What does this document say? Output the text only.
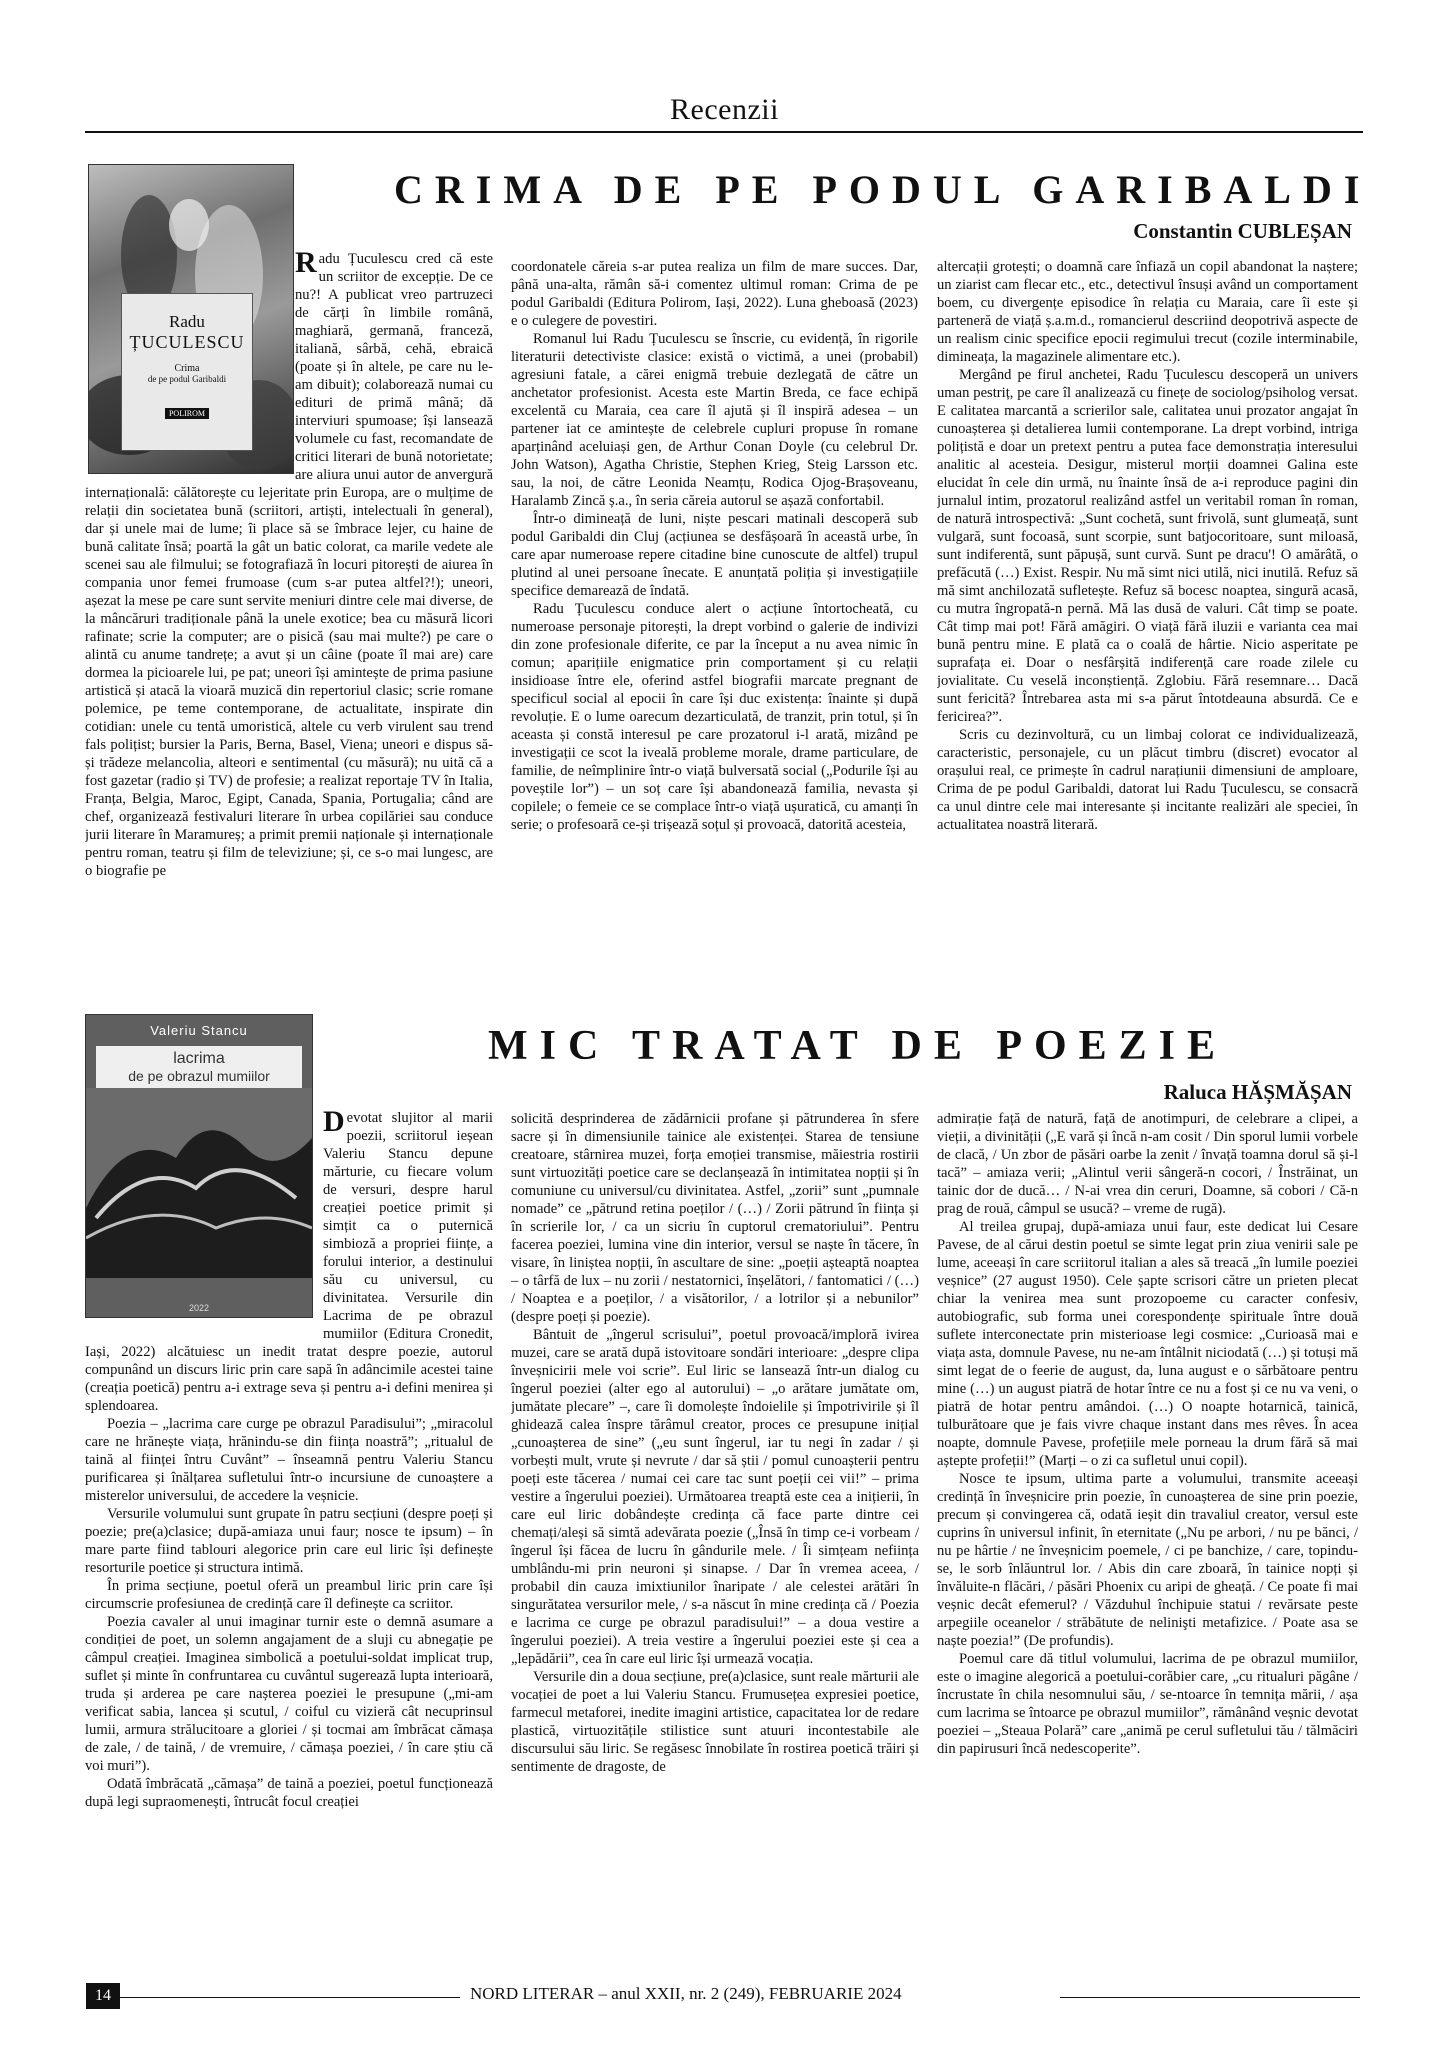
Recenzii
Radu
ȚUCULESCU
Crima
de pe podul Garibaldi
POLIROM
CRIMA DE PE PODUL GARIBALDI
Constantin CUBLEȘAN

Radu Țuculescu cred că este un scriitor de excepție. De ce nu?! A publicat vreo partruzeci de cărți în limbile română, maghiară, germană, franceză, italiană, sârbă, cehă, ebraică (poate și în altele, pe care nu le-am dibuit); colaborează numai cu edituri de primă mână; dă interviuri spumoase; își lansează volumele cu fast, recomandate de critici literari de bună notorietate; are aliura unui autor de anvergură internațională: călătorește cu lejeritate prin Europa, are o mulțime de relații din societatea bună (scriitori, artiști, intelectuali în general), dar și unele mai de lume; îi place să se îmbrace lejer, cu haine de bună calitate însă; poartă la gât un batic colorat, ca marile vedete ale scenei sau ale filmului; se fotografiază în locuri pitorești de aiurea în compania unor femei frumoase (cum s-ar putea altfel?!); uneori, așezat la mese pe care sunt servite meniuri dintre cele mai diverse, de la mâncăruri tradiționale până la unele exotice; bea cu măsură licori rafinate; scrie la computer; are o pisică (sau mai multe?) pe care o alintă cu anume tandrețe; a avut și un câine (poate îl mai are) care dormea la picioarele lui, pe pat; uneori își amintește de prima pasiune artistică și atacă la vioară muzică din repertoriul clasic; scrie romane polemice, pe teme contemporane, de actualitate, inspirate din cotidian: unele cu tentă umoristică, altele cu verb virulent sau trend fals polițist; bursier la Paris, Berna, Basel, Viena; uneori e dispus să-și trădeze melancolia, alteori e sentimental (cu măsură); nu uită că a fost gazetar (radio și TV) de profesie; a realizat reportaje TV în Italia, Franța, Belgia, Maroc, Egipt, Canada, Spania, Portugalia; când are chef, organizează festivaluri literare în urbea copilăriei sau conduce jurii literare în Maramureș; a primit premii naționale și internaționale pentru roman, teatru și film de televiziune; și, ce s-o mai lungesc, are o biografie pe

coordonatele căreia s-ar putea realiza un film de mare succes. Dar, până una-alta, rămân să-i comentez ultimul roman: Crima de pe podul Garibaldi (Editura Polirom, Iași, 2022). Luna gheboasă (2023) e o culegere de povestiri.

Romanul lui Radu Țuculescu se înscrie, cu evidență, în rigorile literaturii detectiviste clasice: există o victimă, a unei (probabil) agresiuni fatale, a cărei enigmă trebuie dezlegată de către un anchetator profesionist. Acesta este Martin Breda, ce face echipă excelentă cu Maraia, cea care îl ajută și îl inspiră adesea – un partener iat ce amintește de celebrele cupluri propuse în romane aparținând aceluiași gen, de Arthur Conan Doyle (cu celebrul Dr. John Watson), Agatha Christie, Stephen Krieg, Steig Larsson etc. sau, la noi, de către Leonida Neamțu, Rodica Ojog-Brașoveanu, Haralamb Zincă ș.a., în seria căreia autorul se așază confortabil.

Într-o dimineață de luni, niște pescari matinali descoperă sub podul Garibaldi din Cluj (acțiunea se desfășoară în această urbe, în care apar numeroase repere citadine bine cunoscute de altfel) trupul plutind al unei persoane înecate. E anunțată poliția și investigațiile specifice demarează de îndată.

Radu Țuculescu conduce alert o acțiune întortocheată, cu numeroase personaje pitorești, la drept vorbind o galerie de indivizi din zone profesionale diferite, ce par la început a nu avea nimic în comun; aparițiile enigmatice prin comportament și cu relații insidioase între ele, oferind astfel biografii marcate pregnant de specificul social al epocii în care își duc existența: înainte și după revoluție. E o lume oarecum dezarticulată, de tranzit, prin totul, și în aceasta și constă interesul pe care prozatorul i-l arată, mizând pe investigații ce scot la iveală probleme morale, drame particulare, de familie, de neîmplinire într-o viață bulversată social („Podurile își au poveștile lor”) – un soț care își abandonează familia, nevasta și copilele; o femeie ce se complace într-o viață ușuratică, cu amanți în serie; o profesoară ce-și trișează soțul și provoacă, datorită acesteia,

altercații grotești; o doamnă care înfiază un copil abandonat la naștere; un ziarist cam flecar etc., etc., detectivul însuși având un comportament boem, cu divergențe episodice în relația cu Maraia, care îi este și parteneră de viață ș.a.m.d., romancierul descriind deopotrivă aspecte de un realism cinic specifice epocii regimului trecut (cozile interminabile, dimineața, la magazinele alimentare etc.).

Mergând pe firul anchetei, Radu Țuculescu descoperă un univers uman pestriț, pe care îl analizează cu finețe de sociolog/psiholog versat. E calitatea marcantă a scrierilor sale, calitatea unui prozator angajat în cunoașterea și detalierea lumii contemporane. La drept vorbind, intriga polițistă e doar un pretext pentru a putea face demonstrația interesului analitic al acesteia. Desigur, misterul morții doamnei Galina este elucidat în cele din urmă, nu înainte însă de a-i reproduce pagini din jurnalul intim, prozatorul realizând astfel un veritabil roman în roman, de natură introspectivă: „Sunt cochetă, sunt frivolă, sunt glumeață, sunt vulgară, sunt focoasă, sunt scorpie, sunt batjocoritoare, sunt miloasă, sunt indiferentă, sunt păpușă, sunt curvă. Sunt pe dracu'! O amărâtă, o prefăcută (…) Exist. Respir. Nu mă simt nici utilă, nici inutilă. Refuz să mă simt anchilozată sufletește. Refuz să bocesc noaptea, singură acasă, cu mutra îngropată-n pernă. Mă las dusă de valuri. Cât timp se poate. Cât timp mai pot! Fără amăgiri. O viață fără iluzii e varianta cea mai bună pentru mine. E plată ca o coală de hârtie. Nicio asperitate pe suprafața ei. Doar o nesfârșită indiferență care roade zilele cu jovialitate. Cu veselă inconștiență. Zglobiu. Fără resemnare… Dacă sunt fericită? Întrebarea asta mi s-a părut întotdeauna absurdă. Ce e fericirea?”.

Scris cu dezinvoltură, cu un limbaj colorat ce individualizează, caracteristic, personajele, cu un plăcut timbru (discret) evocator al orașului real, ce primește în cadrul narațiunii dimensiuni de amploare, Crima de pe podul Garibaldi, datorat lui Radu Țuculescu, se consacră ca unul dintre cele mai interesante și incitante realizări ale speciei, în actualitatea noastră literară.

Valeriu Stancu
lacrima
de pe obrazul mumiilor
2022
MIC TRATAT DE POEZIE
Raluca HĂȘMĂȘAN

Devotat slujitor al marii poezii, scriitorul ieșean Valeriu Stancu depune mărturie, cu fiecare volum de versuri, despre harul creației poetice primit și simțit ca o puternică simbioză a propriei ființe, a forului interior, a destinului său cu universul, cu divinitatea. Versurile din Lacrima de pe obrazul mumiilor (Editura Cronedit, Iași, 2022) alcătuiesc un inedit tratat despre poezie, autorul compunând un discurs liric prin care sapă în adâncimile acestei taine (creația poetică) pentru a-i extrage seva și pentru a-i defini menirea și splendoarea.

Poezia – „lacrima care curge pe obrazul Paradisului”; „miracolul care ne hrănește viața, hrănindu-se din ființa noastră”; „ritualul de taină al ființei întru Cuvânt” – înseamnă pentru Valeriu Stancu purificarea și înălțarea sufletului într-o incursiune de cunoaștere a misterelor universului, de accedere la veșnicie.

Versurile volumului sunt grupate în patru secțiuni (despre poeți și poezie; pre(a)clasice; după-amiaza unui faur; nosce te ipsum) – în mare parte fiind tablouri alegorice prin care eul liric își definește resorturile poetice și structura intimă.

În prima secțiune, poetul oferă un preambul liric prin care își circumscrie profesiunea de credință care îl definește ca scriitor.

Poezia cavaler al unui imaginar turnir este o demnă asumare a condiției de poet, un solemn angajament de a sluji cu abnegație pe câmpul creației. Imaginea simbolică a poetului-soldat implicat trup, suflet și minte în confruntarea cu cuvântul sugerează lupta interioară, truda și arderea pe care nașterea poeziei le presupune („mi-am verificat sabia, lancea și scutul, / coiful cu vizieră cât necuprinsul lumii, armura strălucitoare a gloriei / și tocmai am îmbrăcat cămașa de zale, / de taină, / de vremuire, / cămașa poeziei, / în care știu că voi muri”).

Odată îmbrăcată „cămașa” de taină a poeziei, poetul funcționează după legi supraomenești, întrucât focul creației

solicită desprinderea de zădărnicii profane și pătrunderea în sfere sacre și în dimensiunile tainice ale existenței. Starea de tensiune creatoare, stârnirea muzei, forța emoției transmise, măiestria rostirii sunt virtuozități poetice care se declanșează în intimitatea nopții și în comuniune cu universul/cu divinitatea. Astfel, „zorii” sunt „pumnale nomade” ce „pătrund retina poeților / (…) / Zorii pătrund în ființa și în scrierile lor, / ca un sicriu în cuptorul crematoriului”. Pentru facerea poeziei, lumina vine din interior, versul se naște în tăcere, în visare, în liniștea nopții, în ascultare de sine: „poeții așteaptă noaptea – o târfă de lux – nu zorii / nestatornici, înșelători, / fantomatici / (…) / Noaptea e a poeților, / a visătorilor, / a lotrilor și a nebunilor” (despre poeți și poezie).

Bântuit de „îngerul scrisului”, poetul provoacă/imploră ivirea muzei, care se arată după istovitoare sondări interioare: „despre clipa înveșnicirii mele voi scrie”. Eul liric se lansează într-un dialog cu îngerul poeziei (alter ego al autorului) – „o arătare jumătate om, jumătate plecare” –, care îi domolește îndoielile și împotrivirile și îl ghidează calea înspre tărâmul creator, proces ce presupune inițial „cunoașterea de sine” („eu sunt îngerul, iar tu negi în zadar / și vorbești mult, vrute și nevrute / dar să știi / pomul cunoașterii pentru poeți este tăcerea / numai cei care tac sunt poeții cei vii!” – prima vestire a îngerului poeziei). Următoarea treaptă este cea a inițierii, în care eul liric dobândește credința că face parte dintre cei chemați/aleși să simtă adevărata poezie („Însă în timp ce-i vorbeam / îngerul își făcea de lucru în gândurile mele. / Îi simțeam neființa umblându-mi prin neuroni și sinapse. / Dar în vremea aceea, / probabil din cauza imixtiunilor înaripate / ale celestei arătări în singurătatea versurilor mele, / s-a născut în mine credința că / Poezia e lacrima ce curge pe obrazul paradisului!” – a doua vestire a îngerului poeziei). A treia vestire a îngerului poeziei este și cea a „lepădării”, cea în care eul liric își urmează vocația.

Versurile din a doua secțiune, pre(a)clasice, sunt reale mărturii ale vocației de poet a lui Valeriu Stancu. Frumusețea expresiei poetice, farmecul metaforei, inedite imagini artistice, capacitatea lor de redare plastică, virtuozitățile stilistice sunt atuuri incontestabile ale discursului său liric. Se regăsesc înnobilate în rostirea poetică trăiri și sentimente de dragoste, de

admirație față de natură, față de anotimpuri, de celebrare a clipei, a vieții, a divinității („E vară și încă n-am cosit / Din sporul lumii vorbele de clacă, / Un zbor de păsări oarbe la zenit / învață toamna dorul să și-l tacă” – amiaza verii; „Alintul verii sângeră-n cocori, / Înstrăinat, un tainic dor de ducă… / N-ai vrea din ceruri, Doamne, să cobori / Că-n prag de rouă, câmpul se usucă? – vreme de rugă).

Al treilea grupaj, după-amiaza unui faur, este dedicat lui Cesare Pavese, de al cărui destin poetul se simte legat prin ziua venirii sale pe lume, aceeași în care scriitorul italian a ales să treacă „în lumile poeziei veșnice” (27 august 1950). Cele șapte scrisori către un prieten plecat chiar la venirea mea sunt prozopoeme cu caracter confesiv, autobiografic, sub forma unei corespondențe spirituale între două suflete interconectate prin misterioase legi cosmice: „Curioasă mai e viața asta, domnule Pavese, nu ne-am întâlnit niciodată (…) și totuși mă simt legat de o feerie de august, da, luna august e o sărbătoare pentru mine (…) un august piatră de hotar între ce nu a fost și ce nu va veni, o piatră de hotar pentru amândoi. (…) O noapte hotarnică, tainică, tulburătoare que je fais vivre chaque instant dans mes rêves. În acea noapte, domnule Pavese, profețiile mele porneau la drum fără să mai aștepte profeții!” (Marți – o zi ca sufletul unui copil).

Nosce te ipsum, ultima parte a volumului, transmite aceeași credință în înveșnicire prin poezie, în cunoașterea de sine prin poezie, precum și convingerea că, odată ieșit din travaliul creator, versul este cuprins în universul infinit, în eternitate („Nu pe arbori, / nu pe bănci, / nu pe hârtie / ne înveșnicim poemele, / ci pe banchize, / care, topindu-se, le sorb înlăuntrul lor. / Abis din care zboară, în tainice nopți și învăluite-n flăcări, / păsări Phoenix cu aripi de gheață. / Ce poate fi mai veșnic decât efemerul? / Văzduhul închipuie statui / revărsate peste arpegiile oceanelor / străbătute de nelinişti metafizice. / Poate asa se naște poezia!” (De profundis).

Poemul care dă titlul volumului, lacrima de pe obrazul mumiilor, este o imagine alegorică a poetului-corăbier care, „cu ritualuri păgâne / încrustate în chila nesomnului său, / se-ntoarce în temnița mării, / așa cum lacrima se întoarce pe obrazul mumiilor”, rămânând veșnic devotat poeziei – „Steaua Polară” care „animă pe cerul sufletului tău / tălmăciri din papirusuri încă nedescoperite”.

14	NORD LITERAR – anul XXII, nr. 2 (249), FEBRUARIE 2024
